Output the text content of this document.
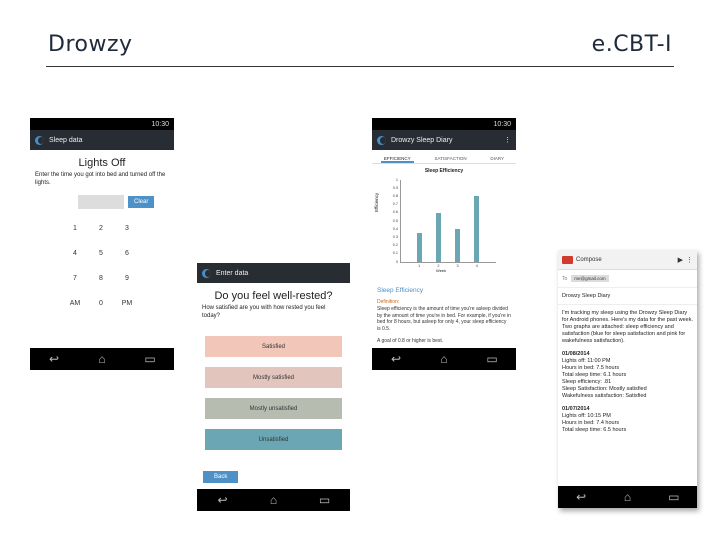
Drowzy	e.CBT-I
10:30
Sleep data
Lights Off
Enter the time you got into bed and turned off the lights.
Clear
1	2	3
4	5	6
7	8	9
AM	0	PM
↩	⌂	▭
Enter data
Do you feel well-rested?
How satisfied are you with how rested you feel today?
Satisfied
Mostly satisfied
Mostly unsatisfied
Unsatisfied
Back
↩	⌂	▭
10:30
Drowzy Sleep Diary	⋮
EFFICIENCY	SATISFACTION	DIARY
Sleep Efficiency
Efficiency
Week
0
0.1
0.2
0.3
0.4
0.5
0.6
0.7
0.8
0.9
1
1	2	3	4
Sleep Efficiency
Definition:
Sleep efficiency is the amount of time you're asleep divided by the amount of time you're in bed. For example, if you're in bed for 8 hours, but asleep for only 4, your sleep efficiency is 0.5.
A goal of 0.8 or higher is best.
↩	⌂	▭
Compose	▶ ⋮
To	me@gmail.com
Drowzy Sleep Diary
I'm tracking my sleep using the Drowzy Sleep Diary for Android phones. Here's my data for the past week. Two graphs are attached: sleep efficiency and satisfaction (blue for sleep satisfaction and pink for wakefulness satisfaction).
01/08/2014
Lights off: 11:00 PM
Hours in bed: 7.5 hours
Total sleep time: 6.1 hours
Sleep efficiency: .81
Sleep Satisfaction: Mostly satisfied
Wakefulness satisfaction: Satisfied
01/07/2014
Lights off: 10:15 PM
Hours in bed: 7.4 hours
Total sleep time: 6.5 hours
↩	⌂	▭
